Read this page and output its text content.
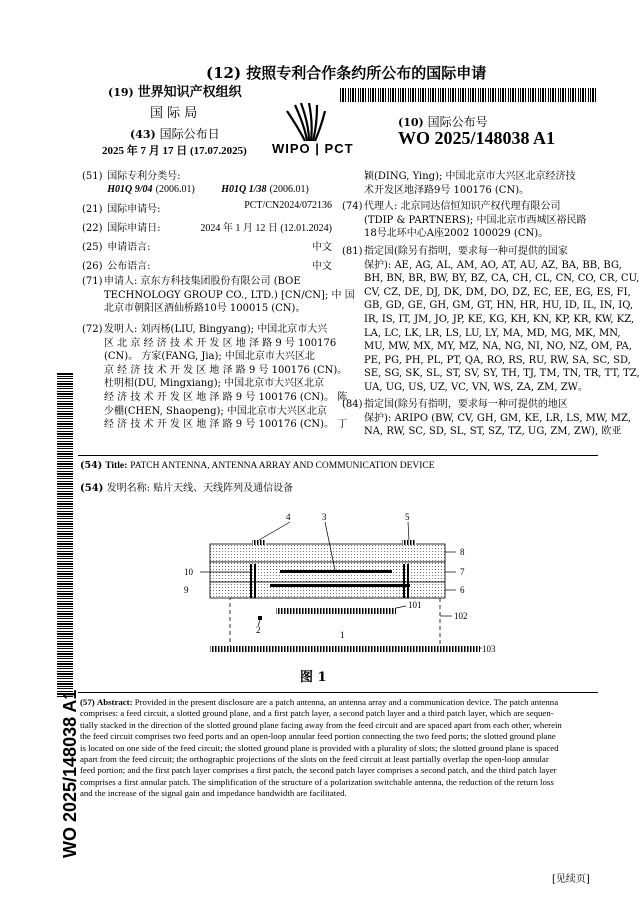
(12) 按照专利合作条约所公布的国际申请
(19) 世界知识产权组织
国 际 局
(43) 国际公布日
2025 年 7 月 17 日 (17.07.2025) WIPO | PCT
(10) 国际公布号
WO 2025/148038 A1
WO 2025/148038 A1
(51) 国际专利分类号:
H01Q 9/04 (2006.01)	H01Q 1/38 (2006.01)
(21) 国际申请号:	PCT/CN2024/072136
(22) 国际申请日:	2024 年 1 月 12 日 (12.01.2024)
(25) 申请语言:	中文
(26) 公布语言:	中文
(71) 申请人: 京东方科技集团股份有限公司 (BOE
TECHNOLOGY GROUP CO., LTD.) [CN/CN]; 中 国
北京市朝阳区酒仙桥路10号 100015 (CN)。
(72) 发明人: 刘丙杨(LIU, Bingyang); 中国北京市大兴
区 北 京 经 济 技 术 开 发 区 地 泽 路 9 号 100176
(CN)。 方家(FANG, Jia); 中国北京市大兴区北
京 经 济 技 术 开 发 区 地 泽 路 9 号 100176 (CN)。
杜明相(DU, Mingxiang); 中国北京市大兴区北京
经 济 技 术 开 发 区 地 泽 路 9 号 100176 (CN)。 陈
少棚(CHEN, Shaopeng); 中国北京市大兴区北京
经 济 技 术 开 发 区 地 泽 路 9 号 100176 (CN)。 丁
颖(DING, Ying); 中国北京市大兴区北京经济技
术开发区地泽路9号 100176 (CN)。
(74) 代理人: 北京同达信恒知识产权代理有限公司
(TDIP & PARTNERS); 中国北京市西城区裕民路
18号北环中心A座2002 100029 (CN)。
(81) 指定国(除另有指明，要求每一种可提供的国家
保护): AE, AG, AL, AM, AO, AT, AU, AZ, BA, BB, BG,
BH, BN, BR, BW, BY, BZ, CA, CH, CL, CN, CO, CR, CU,
CV, CZ, DE, DJ, DK, DM, DO, DZ, EC, EE, EG, ES, FI,
GB, GD, GE, GH, GM, GT, HN, HR, HU, ID, IL, IN, IQ,
IR, IS, IT, JM, JO, JP, KE, KG, KH, KN, KP, KR, KW, KZ,
LA, LC, LK, LR, LS, LU, LY, MA, MD, MG, MK, MN,
MU, MW, MX, MY, MZ, NA, NG, NI, NO, NZ, OM, PA,
PE, PG, PH, PL, PT, QA, RO, RS, RU, RW, SA, SC, SD,
SE, SG, SK, SL, ST, SV, SY, TH, TJ, TM, TN, TR, TT, TZ,
UA, UG, US, UZ, VC, VN, WS, ZA, ZM, ZW。
(84) 指定国(除另有指明，要求每一种可提供的地区
保护): ARIPO (BW, CV, GH, GM, KE, LR, LS, MW, MZ,
NA, RW, SC, SD, SL, ST, SZ, TZ, UG, ZM, ZW), 欧亚
(54) Title: PATCH ANTENNA, ANTENNA ARRAY AND COMMUNICATION DEVICE
(54) 发明名称: 贴片天线、天线阵列及通信设备
4	3	5
8
7
6
10
9
101
102
2	1
103
图 1
(57) Abstract: Provided in the present disclosure are a patch antenna, an antenna array and a communication device. The patch antenna
comprises: a feed circuit, a slotted ground plane, and a first patch layer, a second patch layer and a third patch layer, which are sequen-
tially stacked in the direction of the slotted ground plane facing away from the feed circuit and are spaced apart from each other, wherein
the feed circuit comprises two feed ports and an open-loop annular feed portion connecting the two feed ports; the slotted ground plane
is located on one side of the feed circuit; the slotted ground plane is provided with a plurality of slots; the slotted ground plane is spaced
apart from the feed circuit; the orthographic projections of the slots on the feed circuit at least partially overlap the open-loop annular
feed portion; and the first patch layer comprises a first patch, the second patch layer comprises a second patch, and the third patch layer
comprises a first annular patch. The simplification of the structure of a polarization switchable antenna, the reduction of the return loss
and the increase of the signal gain and impedance bandwidth are facilitated.
[见续页]
